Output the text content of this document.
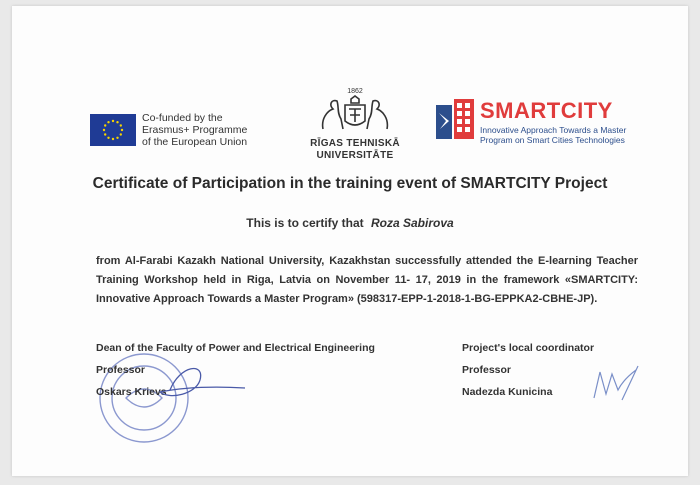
Co-funded by the
Erasmus+ Programme
of the European Union
1862
RĪGAS TEHNISKĀ
UNIVERSITĀTE
SMARTCITY
Innovative Approach Towards a Master
Program on Smart Cities Technologies
Certificate of Participation in the training event of SMARTCITY Project
This is to certify that Roza Sabirova
from Al-Farabi Kazakh National University, Kazakhstan successfully attended the E-learning Teacher Training Workshop held in Riga, Latvia on November 11- 17, 2019 in the framework «SMARTCITY: Innovative Approach Towards a Master Program» (598317-EPP-1-2018-1-BG-EPPKA2-CBHE-JP).
Dean of the Faculty of Power and Electrical Engineering
Professor
Oskars Krievs
Project's local coordinator
Professor
Nadezda Kunicina
